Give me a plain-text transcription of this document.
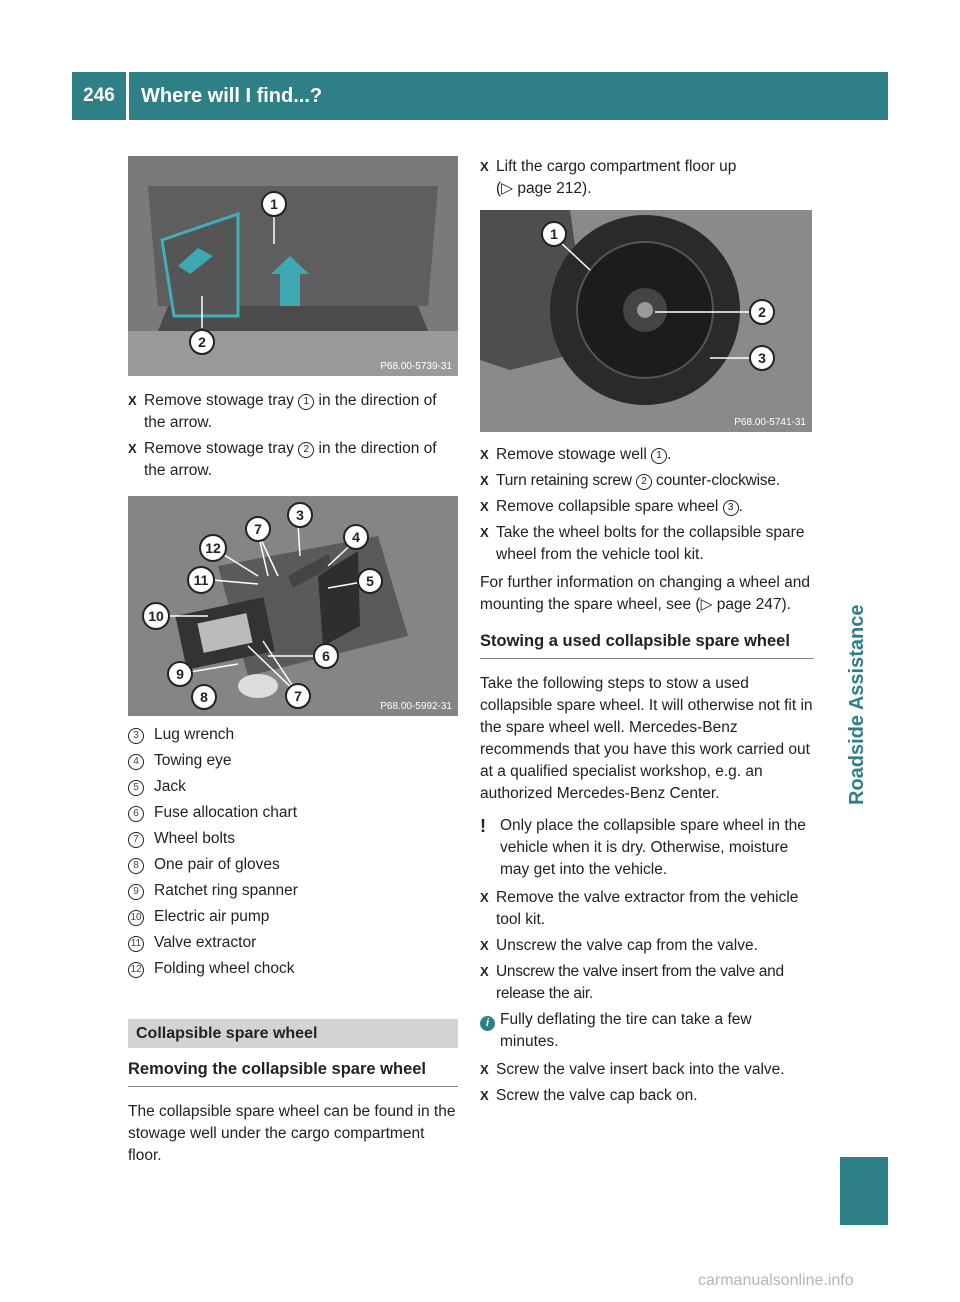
246	Where will I find...?
Roadside Assistance
1
2
P68.00-5739-31
X Remove stowage tray 1 in the direction of the arrow.
X Remove stowage tray 2 in the direction of the arrow.
7
3
4
5
12
11
10
6
9
8	7
P68.00-5992-31
3 Lug wrench
4 Towing eye
5 Jack
6 Fuse allocation chart
7 Wheel bolts
8 One pair of gloves
9 Ratchet ring spanner
10 Electric air pump
11 Valve extractor
12 Folding wheel chock
Collapsible spare wheel
Removing the collapsible spare wheel
The collapsible spare wheel can be found in the stowage well under the cargo compartment floor.
X Lift the cargo compartment floor up
(▷ page 212).
1
2
3
P68.00-5741-31
X Remove stowage well 1 .
X Turn retaining screw 2 counter-clockwise.
X Remove collapsible spare wheel 3 .
X Take the wheel bolts for the collapsible spare wheel from the vehicle tool kit.
For further information on changing a wheel and mounting the spare wheel, see (▷ page 247).
Stowing a used collapsible spare wheel
Take the following steps to stow a used collapsible spare wheel. It will otherwise not fit in the spare wheel well. Mercedes-Benz recommends that you have this work carried out at a qualified specialist workshop, e.g. an authorized Mercedes-Benz Center.
! Only place the collapsible spare wheel in the vehicle when it is dry. Otherwise, moisture may get into the vehicle.
X Remove the valve extractor from the vehicle tool kit.
X Unscrew the valve cap from the valve.
X Unscrew the valve insert from the valve and release the air.
i Fully deflating the tire can take a few minutes.
X Screw the valve insert back into the valve.
X Screw the valve cap back on.
carmanualsonline.info
